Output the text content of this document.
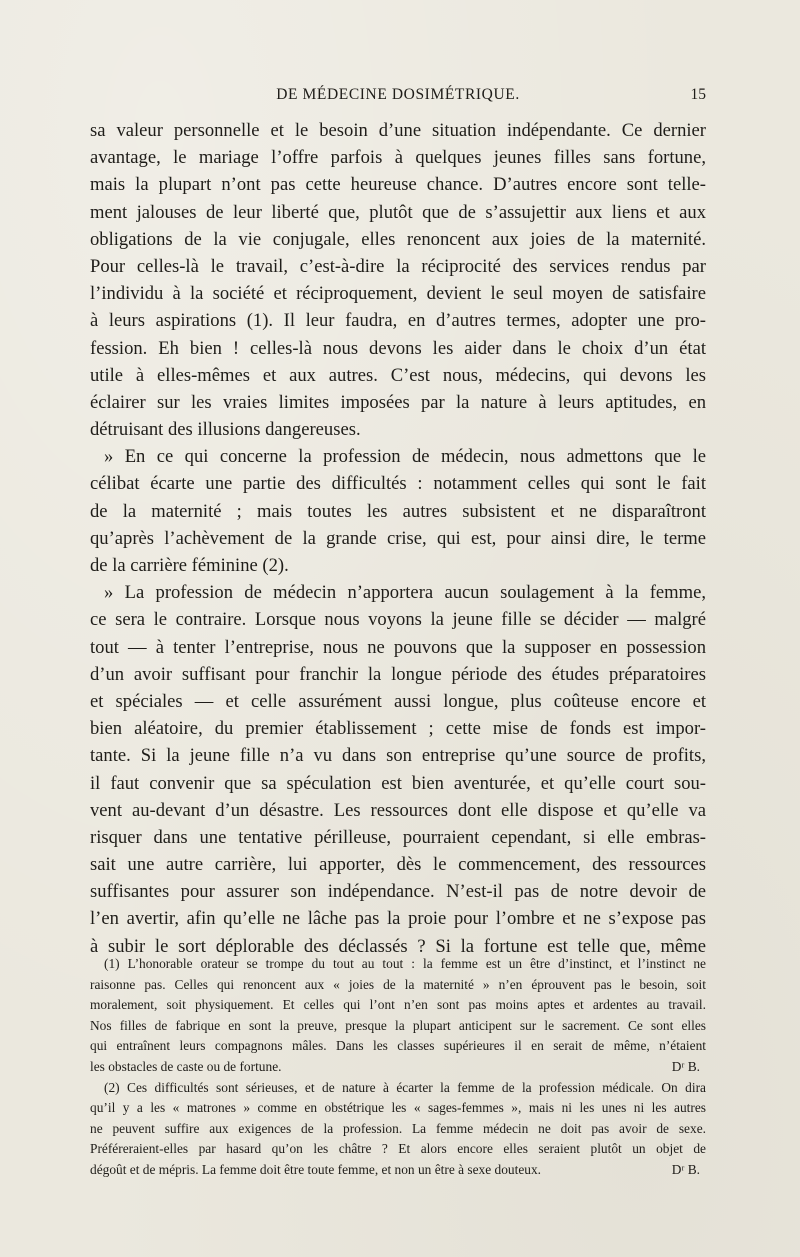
DE MÉDECINE DOSIMÉTRIQUE.	15
sa valeur personnelle et le besoin d’une situation indépendante. Ce dernier
avantage, le mariage l’offre parfois à quelques jeunes filles sans fortune,
mais la plupart n’ont pas cette heureuse chance. D’autres encore sont telle-
ment jalouses de leur liberté que, plutôt que de s’assujettir aux liens et aux
obligations de la vie conjugale, elles renoncent aux joies de la maternité.
Pour celles-là le travail, c’est-à-dire la réciprocité des services rendus par
l’individu à la société et réciproquement, devient le seul moyen de satisfaire
à leurs aspirations (1). Il leur faudra, en d’autres termes, adopter une pro-
fession. Eh bien ! celles-là nous devons les aider dans le choix d’un état
utile à elles-mêmes et aux autres. C’est nous, médecins, qui devons les
éclairer sur les vraies limites imposées par la nature à leurs aptitudes, en
détruisant des illusions dangereuses.
» En ce qui concerne la profession de médecin, nous admettons que le
célibat écarte une partie des difficultés : notamment celles qui sont le fait
de la maternité ; mais toutes les autres subsistent et ne disparaîtront
qu’après l’achèvement de la grande crise, qui est, pour ainsi dire, le terme
de la carrière féminine (2).
» La profession de médecin n’apportera aucun soulagement à la femme,
ce sera le contraire. Lorsque nous voyons la jeune fille se décider — malgré
tout — à tenter l’entreprise, nous ne pouvons que la supposer en possession
d’un avoir suffisant pour franchir la longue période des études préparatoires
et spéciales — et celle assurément aussi longue, plus coûteuse encore et
bien aléatoire, du premier établissement ; cette mise de fonds est impor-
tante. Si la jeune fille n’a vu dans son entreprise qu’une source de profits,
il faut convenir que sa spéculation est bien aventurée, et qu’elle court sou-
vent au-devant d’un désastre. Les ressources dont elle dispose et qu’elle va
risquer dans une tentative périlleuse, pourraient cependant, si elle embras-
sait une autre carrière, lui apporter, dès le commencement, des ressources
suffisantes pour assurer son indépendance. N’est-il pas de notre devoir de
l’en avertir, afin qu’elle ne lâche pas la proie pour l’ombre et ne s’expose pas
à subir le sort déplorable des déclassés ? Si la fortune est telle que, même
(1) L’honorable orateur se trompe du tout au tout : la femme est un être d’instinct, et l’instinct ne
raisonne pas. Celles qui renoncent aux « joies de la maternité » n’en éprouvent pas le besoin, soit
moralement, soit physiquement. Et celles qui l’ont n’en sont pas moins aptes et ardentes au travail.
Nos filles de fabrique en sont la preuve, presque la plupart anticipent sur le sacrement. Ce sont elles
qui entraînent leurs compagnons mâles. Dans les classes supérieures il en serait de même, n’étaient
les obstacles de caste ou de fortune.	Dʳ B.
(2) Ces difficultés sont sérieuses, et de nature à écarter la femme de la profession médicale. On dira
qu’il y a les « matrones » comme en obstétrique les « sages-femmes », mais ni les unes ni les autres
ne peuvent suffire aux exigences de la profession. La femme médecin ne doit pas avoir de sexe.
Préféreraient-elles par hasard qu’on les châtre ? Et alors encore elles seraient plutôt un objet de
dégoût et de mépris. La femme doit être toute femme, et non un être à sexe douteux.	Dʳ B.
